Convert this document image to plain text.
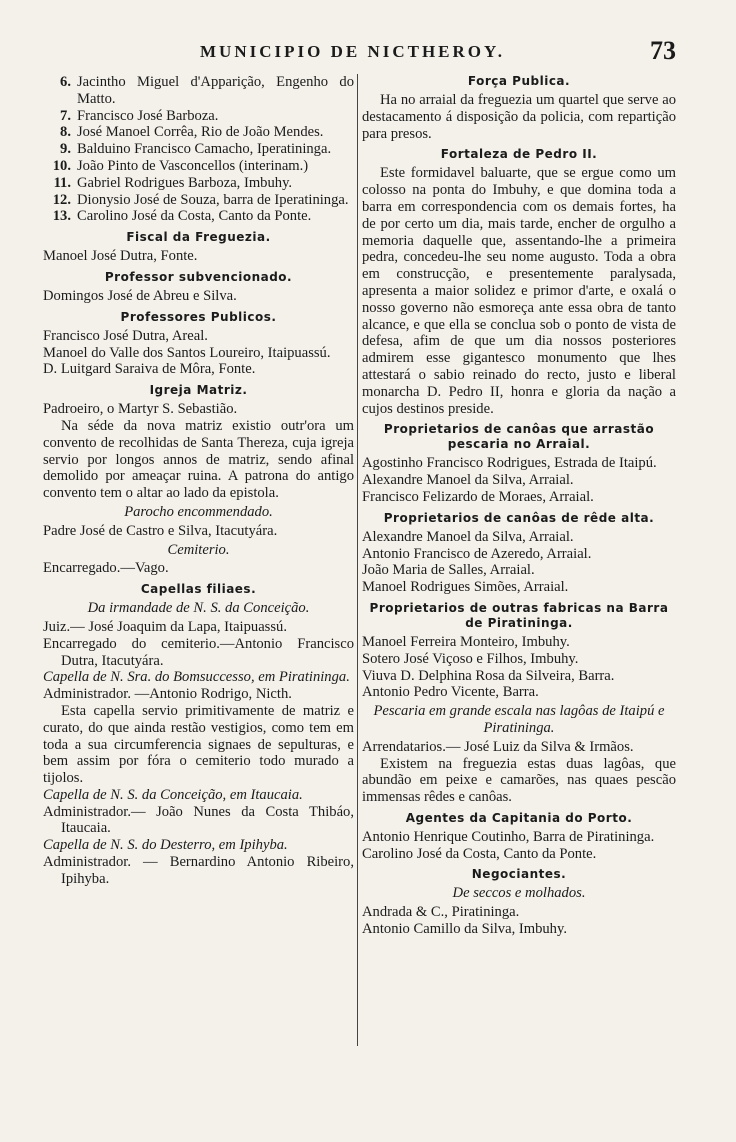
MUNICIPIO DE NICTHEROY.	73

6. Jacintho Miguel d'Apparição, Engenho do Matto.

7. Francisco José Barboza.

8. José Manoel Corrêa, Rio de João Mendes.

9. Balduino Francisco Camacho, Iperatininga.

10. João Pinto de Vasconcellos (interinam.)

11. Gabriel Rodrigues Barboza, Imbuhy.

12. Dionysio José de Souza, barra de Iperatininga.

13. Carolino José da Costa, Canto da Ponte.

Fiscal da Freguezia.

Manoel José Dutra, Fonte.

Professor subvencionado.

Domingos José de Abreu e Silva.

Professores Publicos.

Francisco José Dutra, Areal.

Manoel do Valle dos Santos Loureiro, Itaipuassú.

D. Luitgard Saraiva de Môra, Fonte.

Igreja Matriz.

Padroeiro, o Martyr S. Sebastião.

Na séde da nova matriz existio outr'ora um convento de recolhidas de Santa Thereza, cuja igreja servio por longos annos de matriz, sendo afinal demolido por ameaçar ruina. A patrona do antigo convento tem o altar ao lado da epistola.

Parocho encommendado.

Padre José de Castro e Silva, Itacutyára.

Cemiterio.

Encarregado.—Vago.

Capellas filiaes.
Da irmandade de N. S. da Conceição.

Juiz.— José Joaquim da Lapa, Itaipuassú.

Encarregado do cemiterio.—Antonio Francisco Dutra, Itacutyára.

Capella de N. Sra. do Bomsuccesso, em Piratininga.

Administrador. —Antonio Rodrigo, Nicth.

Esta capella servio primitivamente de matriz e curato, do que ainda restão vestigios, como tem em toda a sua circumferencia signaes de sepulturas, e bem assim por fóra o cemiterio todo murado a tijolos.

Capella de N. S. da Conceição, em Itaucaia.

Administrador.— João Nunes da Costa Thibáo, Itaucaia.

Capella de N. S. do Desterro, em Ipihyba.

Administrador. — Bernardino Antonio Ribeiro, Ipihyba.

Força Publica.

Ha no arraial da freguezia um quartel que serve ao destacamento á disposição da policia, com repartição para presos.

Fortaleza de Pedro II.

Este formidavel baluarte, que se ergue como um colosso na ponta do Imbuhy, e que domina toda a barra em correspondencia com os demais fortes, ha de por certo um dia, mais tarde, encher de orgulho a memoria daquelle que, assentando-lhe a primeira pedra, concedeu-lhe seu nome augusto. Toda a obra em construcção, e presentemente paralysada, apresenta a maior solidez e primor d'arte, e oxalá o nosso governo não esmoreça ante essa obra de tanto alcance, e que ella se conclua sob o ponto de vista de defesa, afim de que um dia nossos posteriores admirem esse gigantesco monumento que lhes attestará o sabio reinado do recto, justo e liberal monarcha D. Pedro II, honra e gloria da nação a cujos destinos preside.

Proprietarios de canôas que arrastão pescaria no Arraial.

Agostinho Francisco Rodrigues, Estrada de Itaipú.

Alexandre Manoel da Silva, Arraial.

Francisco Felizardo de Moraes, Arraial.

Proprietarios de canôas de rêde alta.

Alexandre Manoel da Silva, Arraial.

Antonio Francisco de Azeredo, Arraial.

João Maria de Salles, Arraial.

Manoel Rodrigues Simões, Arraial.

Proprietarios de outras fabricas na Barra de Piratininga.

Manoel Ferreira Monteiro, Imbuhy.

Sotero José Viçoso e Filhos, Imbuhy.

Viuva D. Delphina Rosa da Silveira, Barra.

Antonio Pedro Vicente, Barra.

Pescaria em grande escala nas lagôas de Itaipú e Piratininga.

Arrendatarios.— José Luiz da Silva & Irmãos.

Existem na freguezia estas duas lagôas, que abundão em peixe e camarões, nas quaes pescão immensas rêdes e canôas.

Agentes da Capitania do Porto.

Antonio Henrique Coutinho, Barra de Piratininga.

Carolino José da Costa, Canto da Ponte.

Negociantes.
De seccos e molhados.

Andrada & C., Piratininga.

Antonio Camillo da Silva, Imbuhy.
